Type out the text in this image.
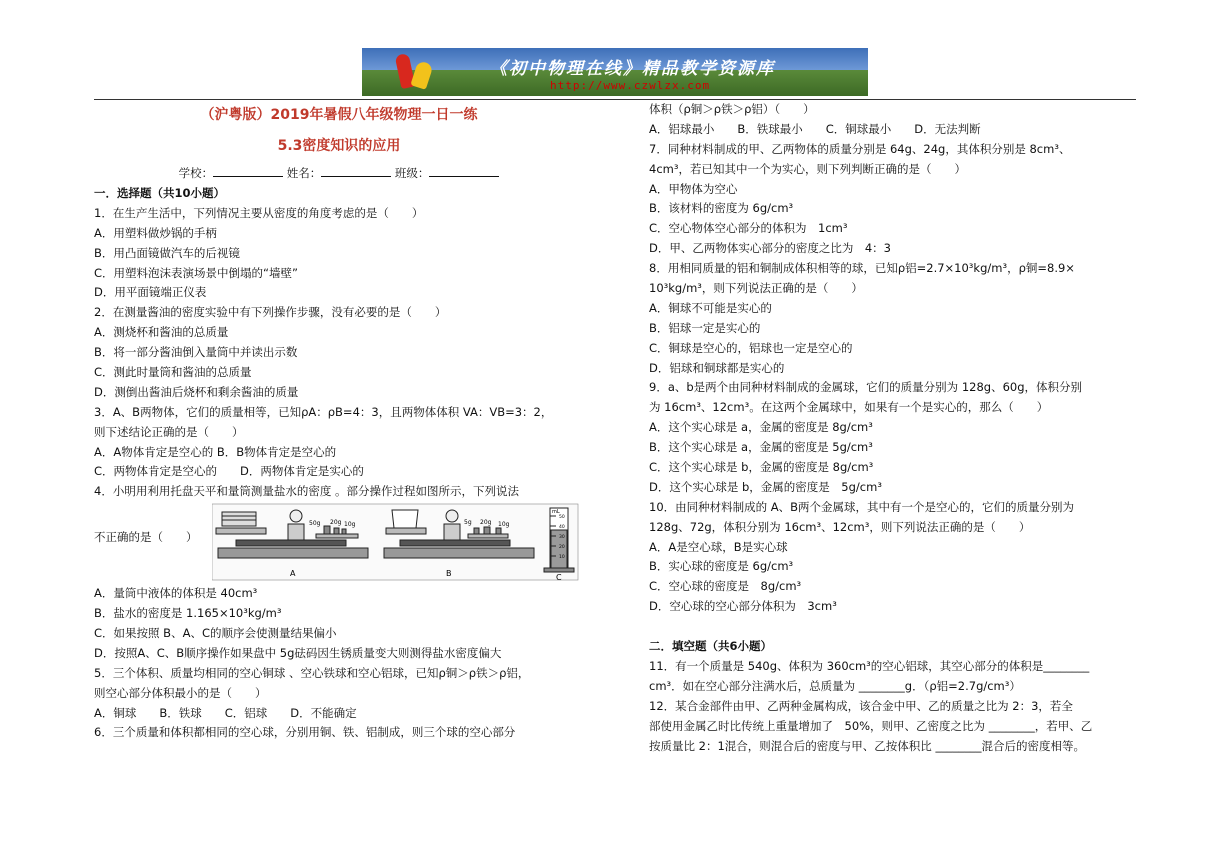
《初中物理在线》精品教学资源库
http://www.czwlzx.com
（沪粤版）2019年暑假八年级物理一日一练
5.3密度知识的应用
学校：	姓名：	班级：
一．选择题（共10小题）
1．在生产生活中，下列情况主要从密度的角度考虑的是（　　）
A．用塑料做炒锅的手柄
B．用凸面镜做汽车的后视镜
C．用塑料泡沫表演场景中倒塌的“墙壁”
D．用平面镜端正仪表
2．在测量酱油的密度实验中有下列操作步骤，没有必要的是（　　）
A．测烧杯和酱油的总质量
B．将一部分酱油倒入量筒中并读出示数
C．测此时量筒和酱油的总质量
D．测倒出酱油后烧杯和剩余酱油的质量
3．A、B两物体，它们的质量相等，已知ρA：ρB=4：3，且两物体体积 VA：VB=3：2，
则下述结论正确的是（　　）
A．A物体肯定是空心的 B．B物体肯定是空心的
C．两物体肯定是空心的　　D．两物体肯定是实心的
4．小明用利用托盘天平和量筒测量盐水的密度 。部分操作过程如图所示，下列说法
不正确的是（　　）
50g 20g 10g
A
5g 20g 10g
B
mL
50
40
30
20
10
C
A．量筒中液体的体积是 40cm³
B．盐水的密度是 1.165×10³kg/m³
C．如果按照 B、A、C的顺序会使测量结果偏小
D．按照A、C、B顺序操作如果盘中 5g砝码因生锈质量变大则测得盐水密度偏大
5．三个体积、质量均相同的空心铜球 、空心铁球和空心铝球，已知ρ铜＞ρ铁＞ρ铝，
则空心部分体积最小的是（　　）
A．铜球　　B．铁球　　C．铝球　　D．不能确定
6．三个质量和体积都相同的空心球，分别用铜、铁、铝制成，则三个球的空心部分
体积（ρ铜＞ρ铁＞ρ铝）（　　）
A．铝球最小　　B．铁球最小　　C．铜球最小　　D．无法判断
7．同种材料制成的甲、乙两物体的质量分别是 64g、24g，其体积分别是 8cm³、
4cm³，若已知其中一个为实心，则下列判断正确的是（　　）
A．甲物体为空心
B．该材料的密度为 6g/cm³
C．空心物体空心部分的体积为　1cm³
D．甲、乙两物体实心部分的密度之比为　4：3
8．用相同质量的铝和铜制成体积相等的球，已知ρ铝=2.7×10³kg/m³，ρ铜=8.9×
10³kg/m³，则下列说法正确的是（　　）
A．铜球不可能是实心的
B．铝球一定是实心的
C．铜球是空心的，铝球也一定是空心的
D．铝球和铜球都是实心的
9．a、b是两个由同种材料制成的金属球，它们的质量分别为 128g、60g，体积分别
为 16cm³、12cm³。在这两个金属球中，如果有一个是实心的，那么（　　）
A．这个实心球是 a，金属的密度是 8g/cm³
B．这个实心球是 a，金属的密度是 5g/cm³
C．这个实心球是 b，金属的密度是 8g/cm³
D．这个实心球是 b，金属的密度是　5g/cm³
10．由同种材料制成的 A、B两个金属球，其中有一个是空心的，它们的质量分别为
128g、72g，体积分别为 16cm³、12cm³，则下列说法正确的是（　　）
A．A是空心球，B是实心球
B．实心球的密度是 6g/cm³
C．空心球的密度是　8g/cm³
D．空心球的空心部分体积为　3cm³
二．填空题（共6小题）
11．有一个质量是 540g、体积为 360cm³的空心铝球，其空心部分的体积是________
cm³．如在空心部分注满水后，总质量为 ________g．（ρ铝=2.7g/cm³）
12．某合金部件由甲、乙两种金属构成，该合金中甲、乙的质量之比为 2：3，若全
部使用金属乙时比传统上重量增加了　50%，则甲、乙密度之比为 ________，若甲、乙
按质量比 2：1混合，则混合后的密度与甲、乙按体积比 ________混合后的密度相等。
